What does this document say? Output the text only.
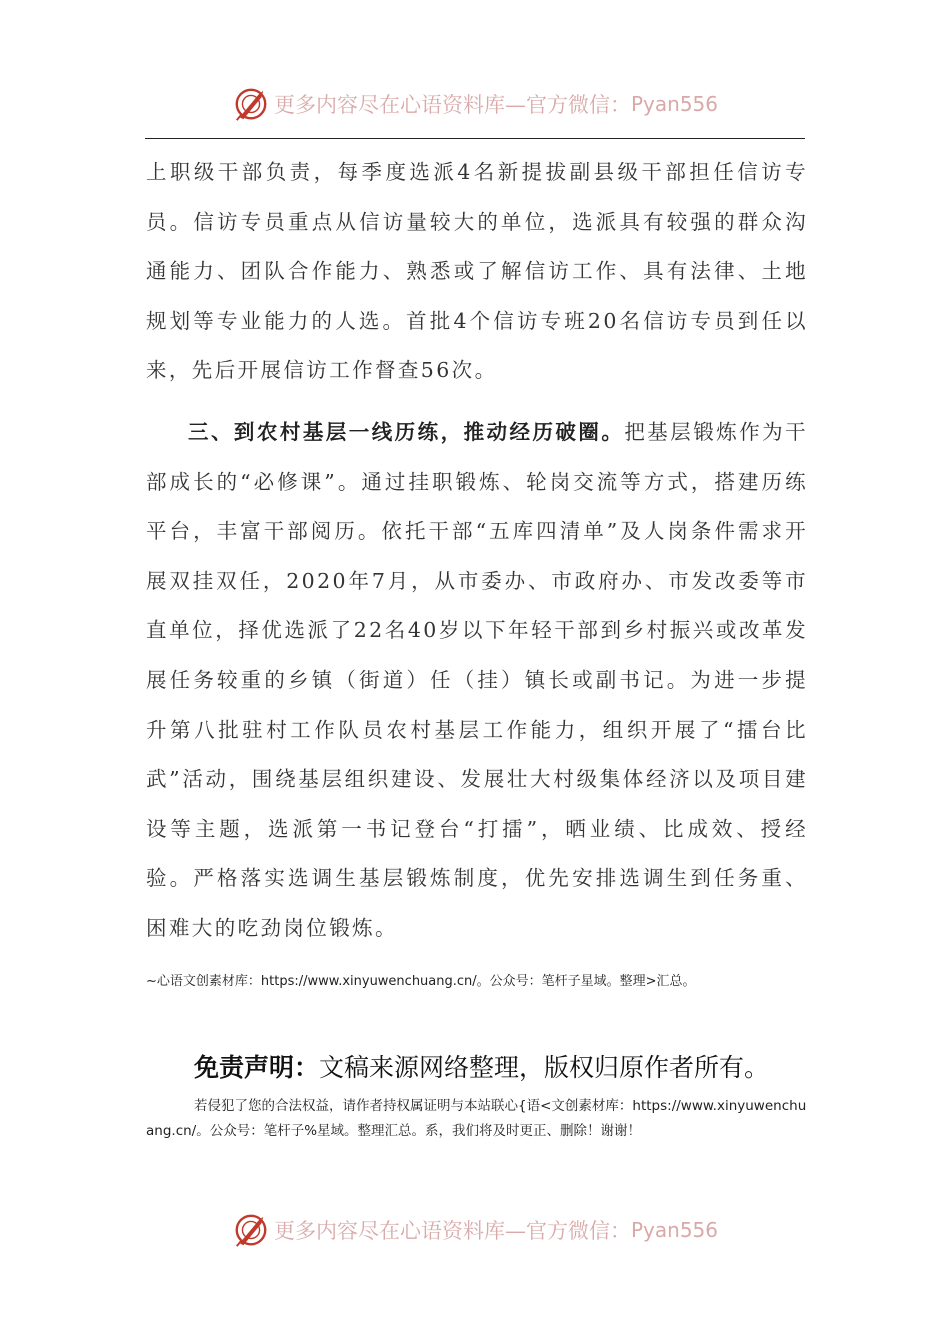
更多内容尽在心语资料库—官方微信： Pyan556

上职级干部负责，每季度选派4名新提拔副县级干部担任信访专员。信访专员重点从信访量较大的单位，选派具有较强的群众沟通能力、团队合作能力、熟悉或了解信访工作、具有法律、土地规划等专业能力的人选。首批4个信访专班20名信访专员到任以来，先后开展信访工作督查56次。

三、到农村基层一线历练，推动经历破圈。把基层锻炼作为干部成长的“必修课”。通过挂职锻炼、轮岗交流等方式，搭建历练平台，丰富干部阅历。依托干部“五库四清单”及人岗条件需求开展双挂双任，2020年7月，从市委办、市政府办、市发改委等市直单位，择优选派了22名40岁以下年轻干部到乡村振兴或改革发展任务较重的乡镇（街道）任（挂）镇长或副书记。为进一步提升第八批驻村工作队员农村基层工作能力，组织开展了“擂台比武”活动，围绕基层组织建设、发展壮大村级集体经济以及项目建设等主题，选派第一书记登台“打擂”，晒业绩、比成效、授经验。严格落实选调生基层锻炼制度，优先安排选调生到任务重、困难大的吃劲岗位锻炼。

~心语文创素材库：https://www.xinyuwenchuang.cn/。公众号：笔杆子星域。整理>汇总。

免责声明：文稿来源网络整理，版权归原作者所有。

若侵犯了您的合法权益，请作者持权属证明与本站联心{语<文创素材库：https://www.xinyuwenchuang.cn/。公众号：笔杆子%星域。整理汇总。系，我们将及时更正、删除！谢谢！

更多内容尽在心语资料库—官方微信： Pyan556
